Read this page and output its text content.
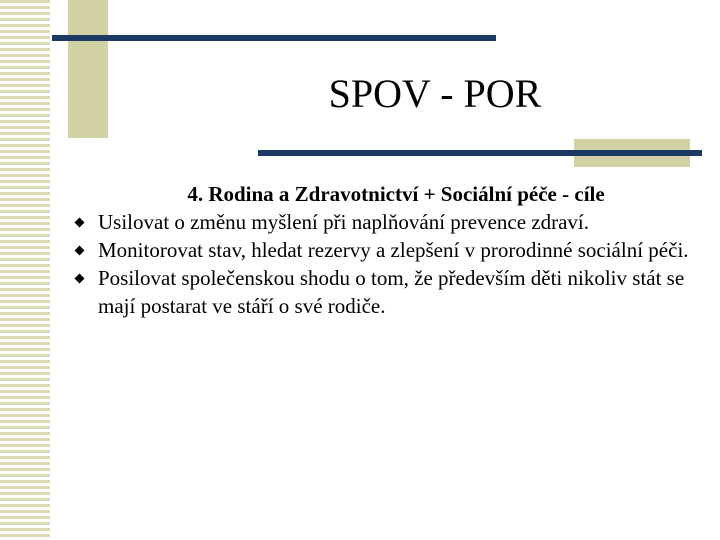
SPOV - POR
4. Rodina a Zdravotnictví + Sociální péče - cíle
Usilovat o změnu myšlení při naplňování prevence zdraví.
Monitorovat stav, hledat rezervy a zlepšení v prorodinné sociální péči.
Posilovat společenskou shodu o tom, že především děti nikoliv stát se mají postarat ve stáří o své rodiče.
